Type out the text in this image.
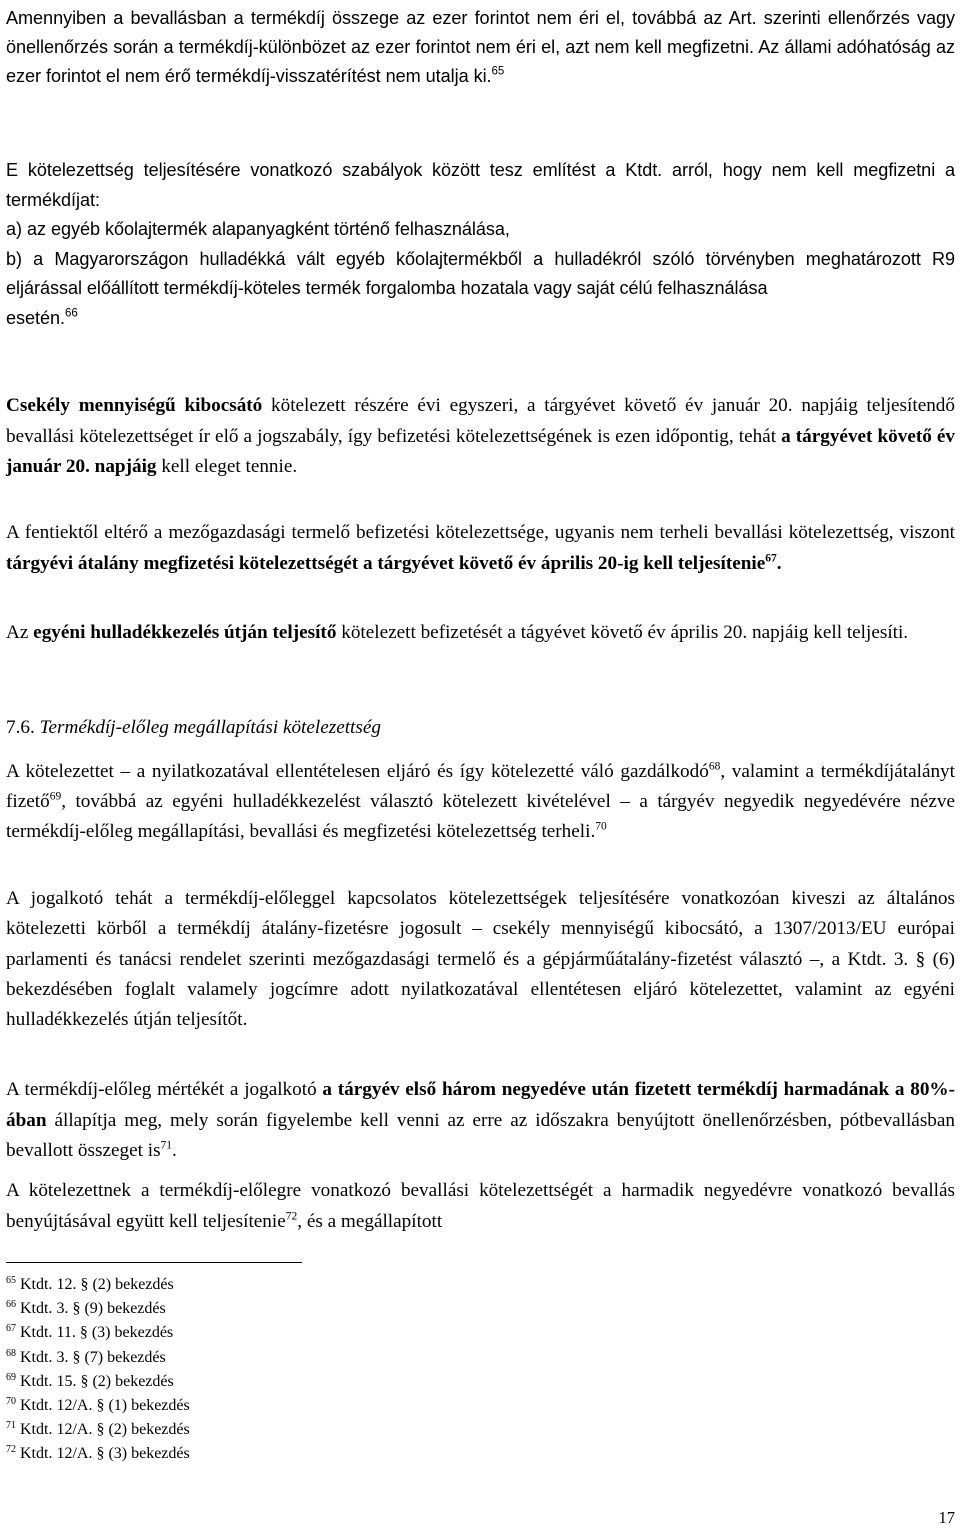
Amennyiben a bevallásban a termékdíj összege az ezer forintot nem éri el, továbbá az Art. szerinti ellenőrzés vagy önellenőrzés során a termékdíj-különbözet az ezer forintot nem éri el, azt nem kell megfizetni. Az állami adóhatóság az ezer forintot el nem érő termékdíj-visszatérítést nem utalja ki.$^{65}$

E kötelezettség teljesítésére vonatkozó szabályok között tesz említést a Ktdt. arról, hogy nem kell megfizetni a termékdíjat:

a) az egyéb kőolajtermék alapanyagként történő felhasználása,

b) a Magyarországon hulladékká vált egyéb kőolajtermékből a hulladékról szóló törvényben meghatározott R9 eljárással előállított termékdíj-köteles termék forgalomba hozatala vagy saját célú felhasználása

esetén.$^{66}$

Csekély mennyiségű kibocsátó kötelezett részére évi egyszeri, a tárgyévet követő év január 20. napjáig teljesítendő bevallási kötelezettséget ír elő a jogszabály, így befizetési kötelezettségének is ezen időpontig, tehát a tárgyévet követő év január 20. napjáig kell eleget tennie.

A fentiektől eltérő a mezőgazdasági termelő befizetési kötelezettsége, ugyanis nem terheli bevallási kötelezettség, viszont tárgyévi átalány megfizetési kötelezettségét a tárgyévet követő év április 20-ig kell teljesítenie$^{67}$.

Az egyéni hulladékkezelés útján teljesítő kötelezett befizetését a tágyévet követő év április 20. napjáig kell teljesíti.

7.6. Termékdíj-előleg megállapítási kötelezettség

A kötelezettet – a nyilatkozatával ellentételesen eljáró és így kötelezetté váló gazdálkodó$^{68}$, valamint a termékdíjátalányt fizető$^{69}$, továbbá az egyéni hulladékkezelést választó kötelezett kivételével – a tárgyév negyedik negyedévére nézve termékdíj-előleg megállapítási, bevallási és megfizetési kötelezettség terheli.$^{70}$

A jogalkotó tehát a termékdíj-előleggel kapcsolatos kötelezettségek teljesítésére vonatkozóan kiveszi az általános kötelezetti körből a termékdíj átalány-fizetésre jogosult – csekély mennyiségű kibocsátó, a 1307/2013/EU európai parlamenti és tanácsi rendelet szerinti mezőgazdasági termelő és a gépjárműátalány-fizetést választó –, a Ktdt. 3. § (6) bekezdésében foglalt valamely jogcímre adott nyilatkozatával ellentétesen eljáró kötelezettet, valamint az egyéni hulladékkezelés útján teljesítőt.

A termékdíj-előleg mértékét a jogalkotó a tárgyév első három negyedéve után fizetett termékdíj harmadának a 80%-ában állapítja meg, mely során figyelembe kell venni az erre az időszakra benyújtott önellenőrzésben, pótbevallásban bevallott összeget $is^{71}$.

A kötelezettnek a termékdíj-előlegre vonatkozó bevallási kötelezettségét a harmadik negyedévre vonatkozó bevallás benyújtásával együtt kell teljesítenie$^{72}$, és a megállapított

$^{65}$ Ktdt. 12. § (2) bekezdés
$^{66}$ Ktdt. 3. § (9) bekezdés
$^{67}$ Ktdt. 11. § (3) bekezdés
$^{68}$ Ktdt. 3. § (7) bekezdés
$^{69}$ Ktdt. 15. § (2) bekezdés
$^{70}$ Ktdt. 12/A. § (1) bekezdés
$^{71}$ Ktdt. 12/A. § (2) bekezdés
$^{72}$ Ktdt. 12/A. § (3) bekezdés
17
